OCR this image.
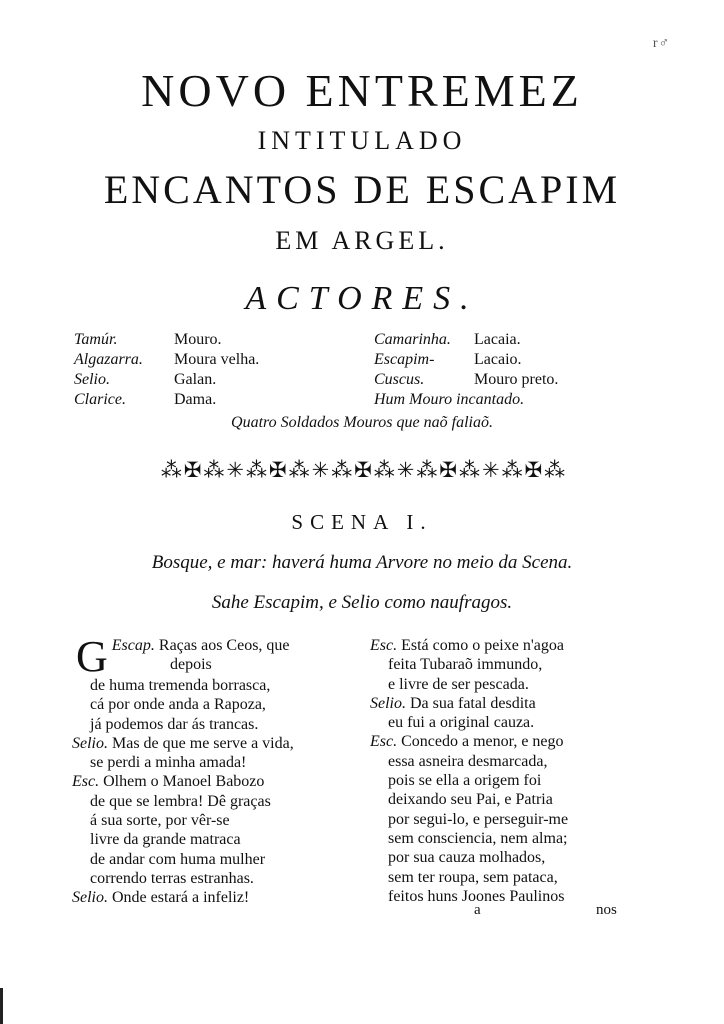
r♂
NOVO ENTREMEZ
INTITULADO
ENCANTOS DE ESCAPIM
EM ARGEL.
ACTORES.
Tamúr.	Mouro.
Algazarra.	Moura velha.
Selio.	Galan.
Clarice.	Dama.
Camarinha.	Lacaia.
Escapim-	Lacaio.
Cuscus.	Mouro preto.
Hum Mouro incantado.
Quatro Soldados Mouros que naõ faliaõ.
⁂✠⁂✳⁂✠⁂✳⁂✠⁂✳⁂✠⁂✳⁂✠⁂
SCENA I.
Bosque, e mar: haverá huma Arvore no meio da Scena.
Sahe Escapim, e Selio como naufragos.
Escap.
G	Raças aos Ceos, que
depois
de huma tremenda borrasca,
cá por onde anda a Rapoza,
já podemos dar ás trancas.
Selio. Mas de que me serve a vida,
se perdi a minha amada!
Esc. Olhem o Manoel Babozo
de que se lembra! Dê graças
á sua sorte, por vêr-se
livre da grande matraca
de andar com huma mulher
correndo terras estranhas.
Selio. Onde estará a infeliz!
Esc. Está como o peixe n'agoa
feita Tubaraõ immundo,
e livre de ser pescada.
Selio. Da sua fatal desdita
eu fui a original cauza.
Esc. Concedo a menor, e nego
essa asneira desmarcada,
pois se ella a origem foi
deixando seu Pai, e Patria
por segui-lo, e perseguir-me
sem consciencia, nem alma;
por sua cauza molhados,
sem ter roupa, sem pataca,
feitos huns Joones Paulinos
a	nos
